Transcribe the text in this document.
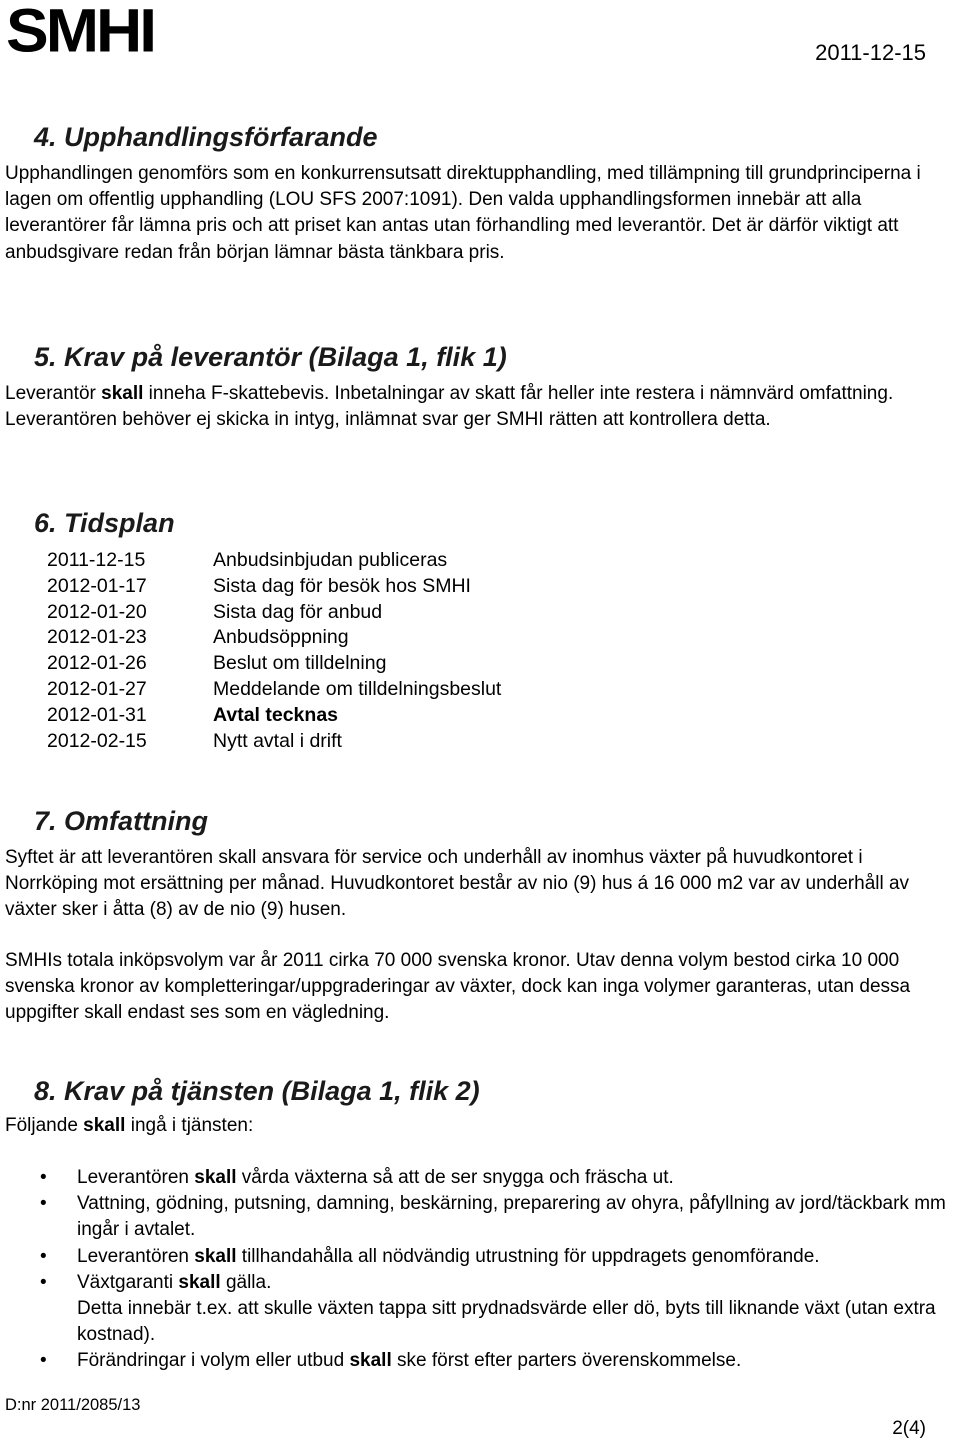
SMHI	2011-12-15
4. Upphandlingsförfarande
Upphandlingen genomförs som en konkurrensutsatt direktupphandling, med tillämpning till grundprinciperna i lagen om offentlig upphandling (LOU SFS 2007:1091). Den valda upphandlingsformen innebär att alla leverantörer får lämna pris och att priset kan antas utan förhandling med leverantör. Det är därför viktigt att anbudsgivare redan från början lämnar bästa tänkbara pris.
5. Krav på leverantör (Bilaga 1, flik 1)
Leverantör skall inneha F-skattebevis. Inbetalningar av skatt får heller inte restera i nämnvärd omfattning. Leverantören behöver ej skicka in intyg, inlämnat svar ger SMHI rätten att kontrollera detta.
6. Tidsplan
2011-12-15	Anbudsinbjudan publiceras
2012-01-17	Sista dag för besök hos SMHI
2012-01-20	Sista dag för anbud
2012-01-23	Anbudsöppning
2012-01-26	Beslut om tilldelning
2012-01-27	Meddelande om tilldelningsbeslut
2012-01-31	Avtal tecknas
2012-02-15	Nytt avtal i drift
7. Omfattning
Syftet är att leverantören skall ansvara för service och underhåll av inomhus växter på huvudkontoret i Norrköping mot ersättning per månad. Huvudkontoret består av nio (9) hus á 16 000 m2 var av underhåll av växter sker i åtta (8) av de nio (9) husen.
SMHIs totala inköpsvolym var år 2011 cirka 70 000 svenska kronor. Utav denna volym bestod cirka 10 000 svenska kronor av kompletteringar/uppgraderingar av växter, dock kan inga volymer garanteras, utan dessa uppgifter skall endast ses som en vägledning.
8. Krav på tjänsten (Bilaga 1, flik 2)
Följande skall ingå i tjänsten:
• Leverantören skall vårda växterna så att de ser snygga och fräscha ut.
• Vattning, gödning, putsning, damning, beskärning, preparering av ohyra, påfyllning av jord/täckbark mm ingår i avtalet.
• Leverantören skall tillhandahålla all nödvändig utrustning för uppdragets genomförande.
• Växtgaranti skall gälla.
Detta innebär t.ex. att skulle växten tappa sitt prydnadsvärde eller dö, byts till liknande växt (utan extra kostnad).
• Förändringar i volym eller utbud skall ske först efter parters överenskommelse.
D:nr 2011/2085/13
2(4)
